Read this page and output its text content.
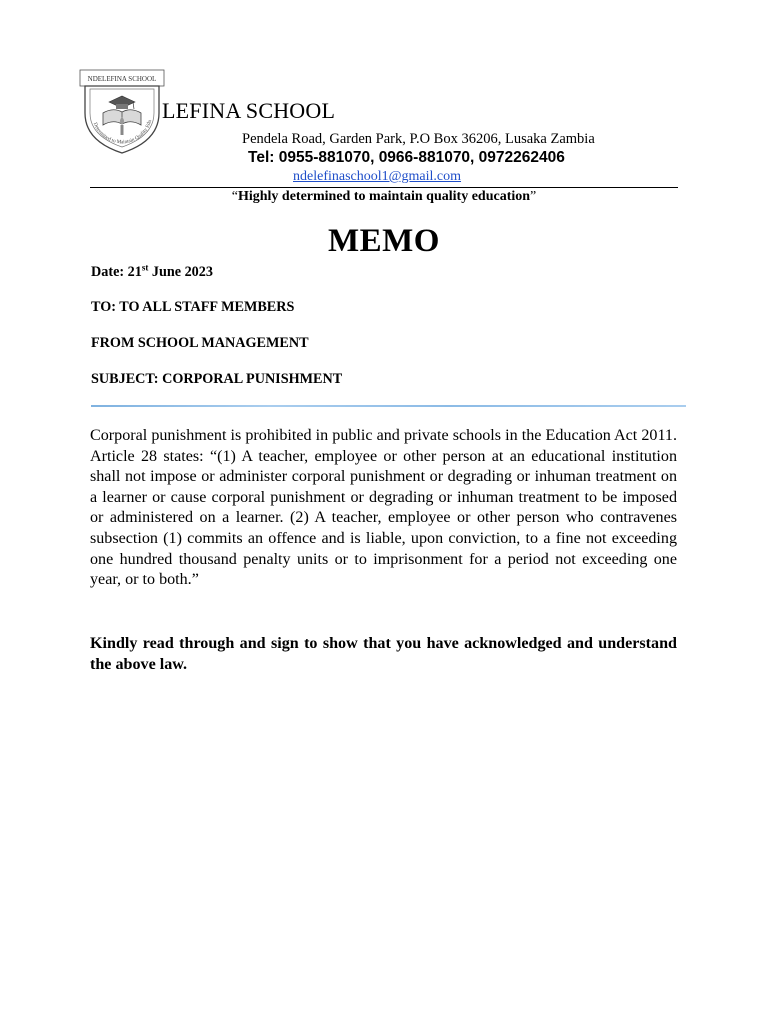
NDELEFINA SCHOOL
Determined to Maintain Quality Edu LEFINA SCHOOL
Pendela Road, Garden Park, P.O Box 36206, Lusaka Zambia
Tel: 0955-881070, 0966-881070, 0972262406
ndelefinaschool1@gmail.com
“Highly determined to maintain quality education”
MEMO
Date: 21st June 2023
TO: TO ALL STAFF MEMBERS
FROM SCHOOL MANAGEMENT
SUBJECT: CORPORAL PUNISHMENT

Corporal punishment is prohibited in public and private schools in the Education Act 2011. Article 28 states: “(1) A teacher, employee or other person at an educational institution shall not impose or administer corporal punishment or degrading or inhuman treatment on a learner or cause corporal punishment or degrading or inhuman treatment to be imposed or administered on a learner. (2) A teacher, employee or other person who contravenes subsection (1) commits an offence and is liable, upon conviction, to a fine not exceeding one hundred thousand penalty units or to imprisonment for a period not exceeding one year, or to both.”

Kindly read through and sign to show that you have acknowledged and understand the above law.
